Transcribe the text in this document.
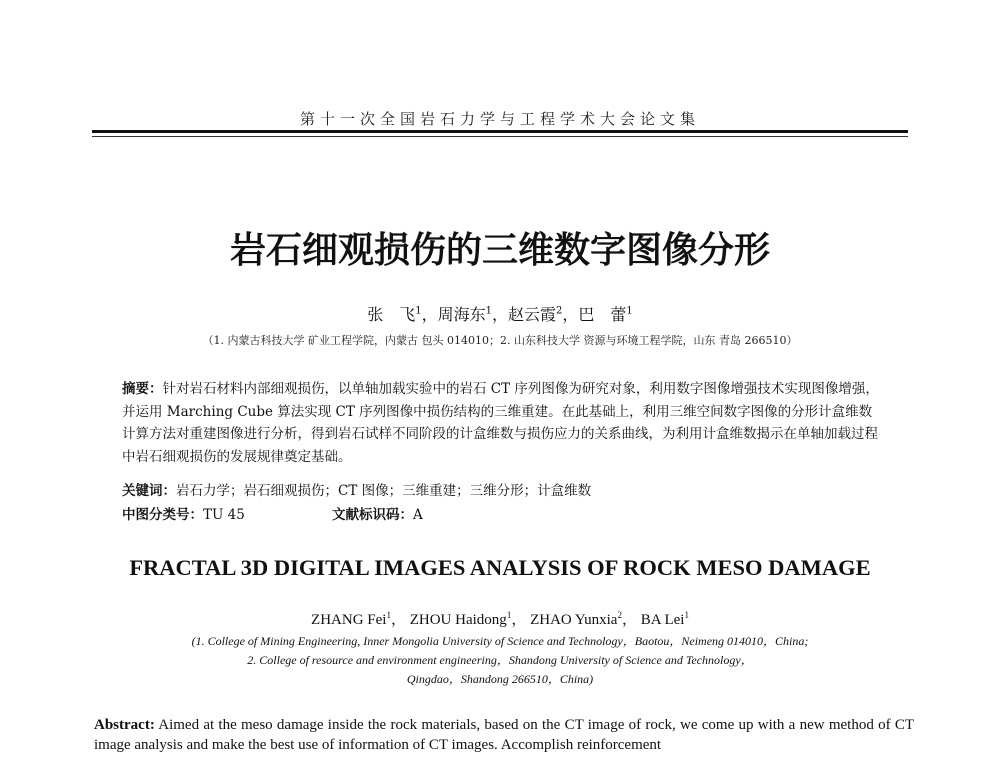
第十一次全国岩石力学与工程学术大会论文集
岩石细观损伤的三维数字图像分形
张　飞$^1$，周海东$^1$，赵云霞$^2$，巴　蕾$^1$
（1. 内蒙古科技大学 矿业工程学院，内蒙古 包头 014010；2. 山东科技大学 资源与环境工程学院，山东 青岛 266510）
摘要：针对岩石材料内部细观损伤，以单轴加载实验中的岩石 CT 序列图像为研究对象，利用数字图像增强技术实现图像增强，并运用 Marching Cube 算法实现 CT 序列图像中损伤结构的三维重建。在此基础上，利用三维空间数字图像的分形计盒维数计算方法对重建图像进行分析，得到岩石试样不同阶段的计盒维数与损伤应力的关系曲线，为利用计盒维数揭示在单轴加载过程中岩石细观损伤的发展规律奠定基础。
关键词：岩石力学；岩石细观损伤；CT 图像；三维重建；三维分形；计盒维数
中图分类号：TU 45	文献标识码：A
FRACTAL 3D DIGITAL IMAGES ANALYSIS OF ROCK MESO DAMAGE
ZHANG Fei$^1$， ZHOU Haidong$^1$， ZHAO Yunxia$^2$， BA Lei$^1$
(1. College of Mining Engineering, Inner Mongolia University of Science and Technology，Baotou，Neimeng 014010，China;
2. College of resource and environment engineering，Shandong University of Science and Technology，
Qingdao，Shandong 266510，China)
Abstract: Aimed at the meso damage inside the rock materials, based on the CT image of rock, we come up with a new method of CT image analysis and make the best use of information of CT images. Accomplish reinforcement
